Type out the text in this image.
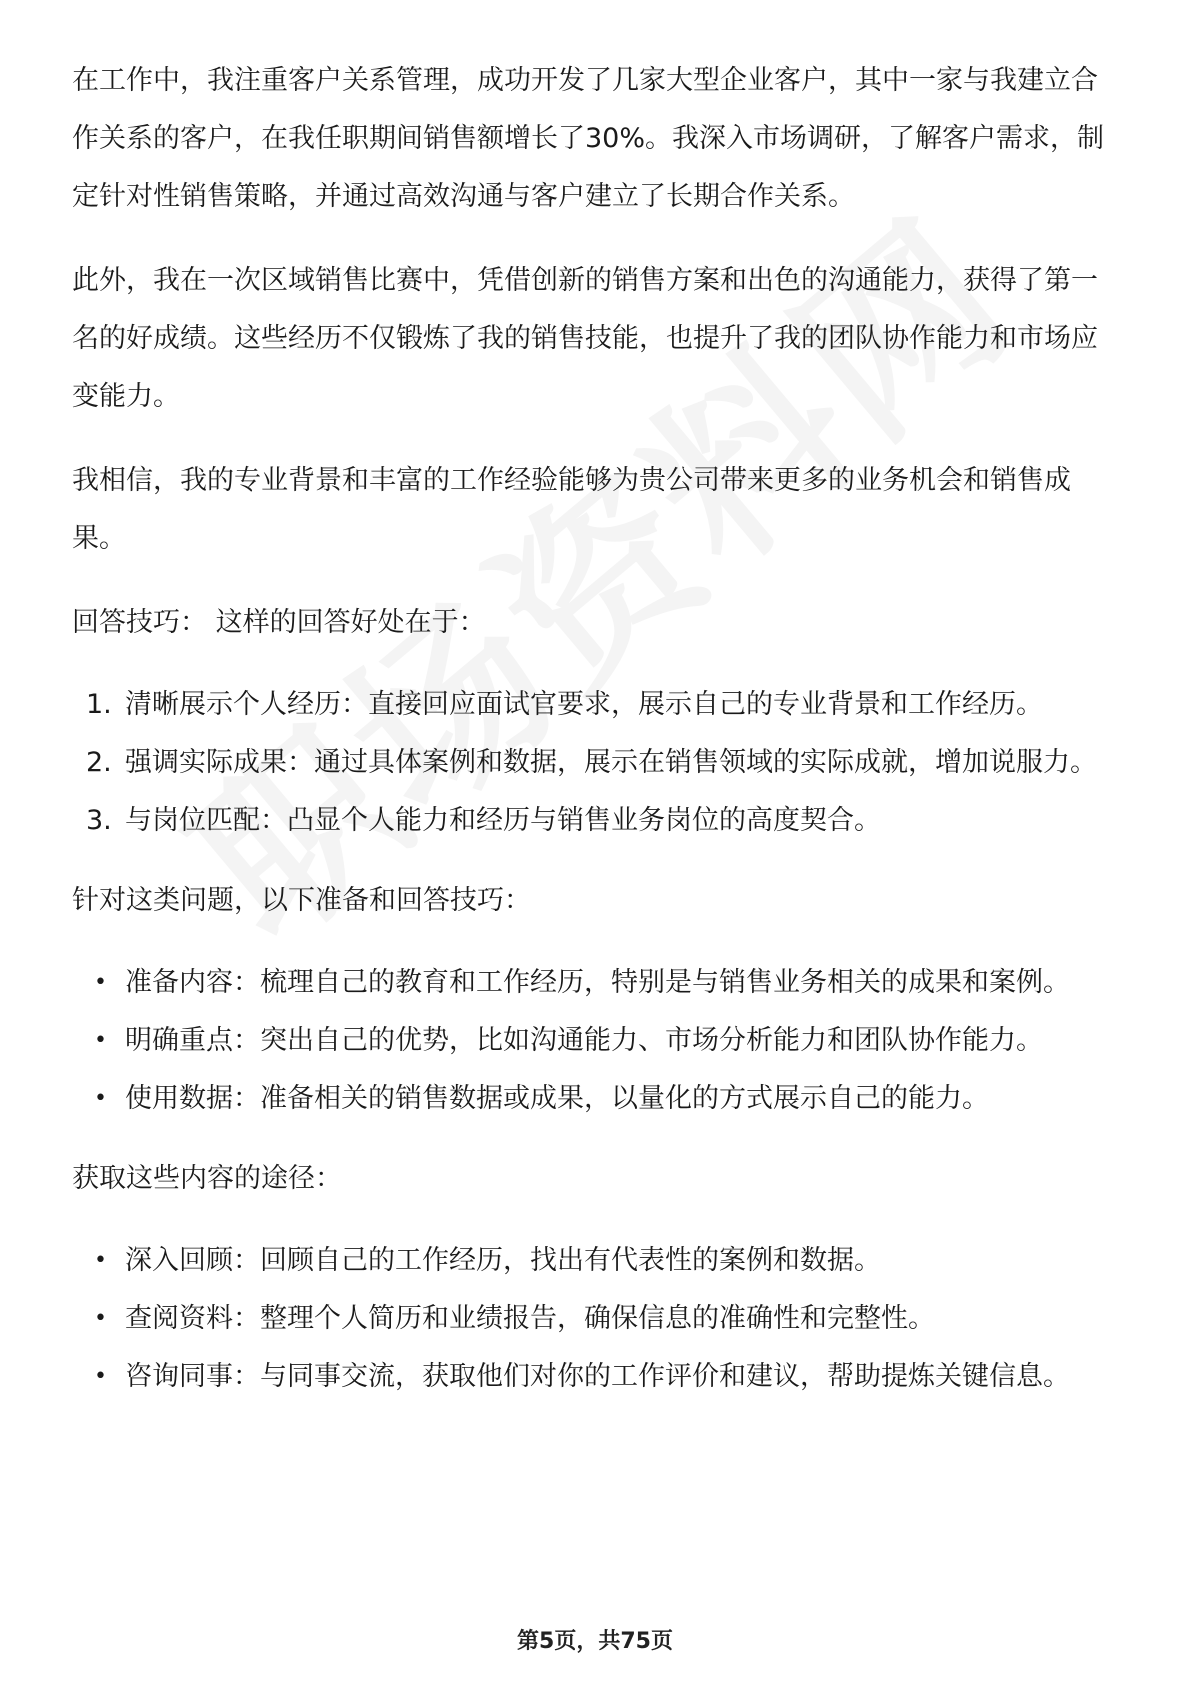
在工作中，我注重客户关系管理，成功开发了几家大型企业客户，其中一家与我建立合作关系的客户，在我任职期间销售额增长了30%。我深入市场调研，了解客户需求，制定针对性销售策略，并通过高效沟通与客户建立了长期合作关系。

此外，我在一次区域销售比赛中，凭借创新的销售方案和出色的沟通能力，获得了第一名的好成绩。这些经历不仅锻炼了我的销售技能，也提升了我的团队协作能力和市场应变能力。

我相信，我的专业背景和丰富的工作经验能够为贵公司带来更多的业务机会和销售成果。

回答技巧： 这样的回答好处在于：

1. 清晰展示个人经历：直接回应面试官要求，展示自己的专业背景和工作经历。
2. 强调实际成果：通过具体案例和数据，展示在销售领域的实际成就，增加说服力。
3. 与岗位匹配：凸显个人能力和经历与销售业务岗位的高度契合。

针对这类问题，以下准备和回答技巧：

• 准备内容：梳理自己的教育和工作经历，特别是与销售业务相关的成果和案例。
• 明确重点：突出自己的优势，比如沟通能力、市场分析能力和团队协作能力。
• 使用数据：准备相关的销售数据或成果，以量化的方式展示自己的能力。

获取这些内容的途径：

• 深入回顾：回顾自己的工作经历，找出有代表性的案例和数据。
• 查阅资料：整理个人简历和业绩报告，确保信息的准确性和完整性。
• 咨询同事：与同事交流，获取他们对你的工作评价和建议，帮助提炼关键信息。
第5页，共75页
